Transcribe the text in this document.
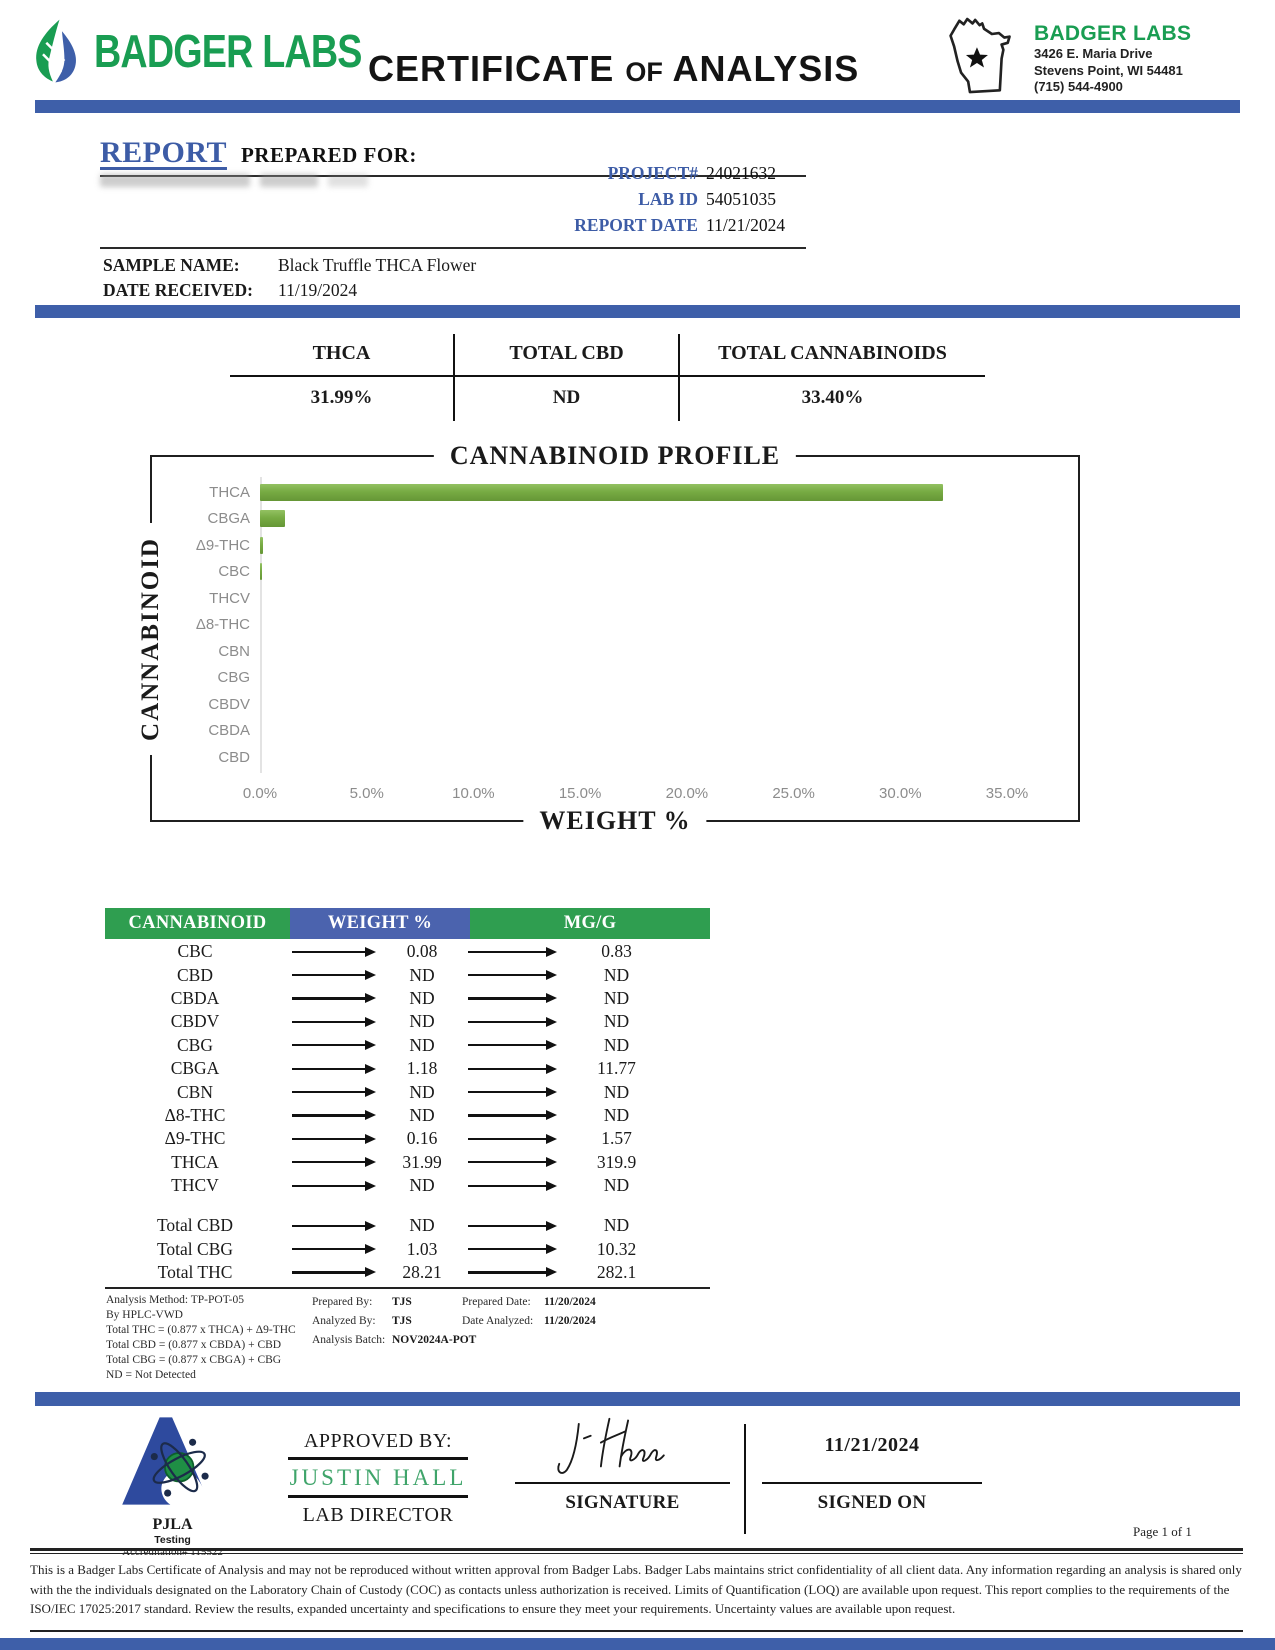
BADGER LABS CERTIFICATE OF ANALYSIS
BADGER LABS
3426 E. Maria Drive
Stevens Point, WI 54481
(715) 544-4900
REPORT PREPARED FOR:
PROJECT# 24021632
LAB ID 54051035
REPORT DATE 11/21/2024
SAMPLE NAME:	Black Truffle THCA Flower
DATE RECEIVED:	11/19/2024
THCA	TOTAL CBD	TOTAL CANNABINOIDS
31.99%	ND	33.40%
CANNABINOID PROFILE
CANNABINOID
WEIGHT %
THCA
CBGA
Δ9-THC
CBC
THCV
Δ8-THC
CBN
CBG
CBDV
CBDA
CBD
0.0%	5.0%	10.0%	15.0%	20.0%	25.0%	30.0%	35.0%
CANNABINOID	WEIGHT %	MG/G
CBC	0.08	0.83
CBD	ND	ND
CBDA	ND	ND
CBDV	ND	ND
CBG	ND	ND
CBGA	1.18	11.77
CBN	ND	ND
Δ8-THC	ND	ND
Δ9-THC	0.16	1.57
THCA	31.99	319.9
THCV	ND	ND
Total CBD	ND	ND
Total CBG	1.03	10.32
Total THC	28.21	282.1
Analysis Method: TP-POT-05
By HPLC-VWD
Total THC = (0.877 x THCA) + Δ9-THC
Total CBD = (0.877 x CBDA) + CBD
Total CBG = (0.877 x CBGA) + CBG
ND = Not Detected
Prepared By:	TJS	Prepared Date:	11/20/2024
Analyzed By:	TJS	Date Analyzed: 11/20/2024
Analysis Batch: NOV2024A-POT
PJLA
Testing
Accreditation# 115522
APPROVED BY:
JUSTIN HALL
LAB DIRECTOR
SIGNATURE
11/21/2024
SIGNED ON
Page 1 of 1
This is a Badger Labs Certificate of Analysis and may not be reproduced without written approval from Badger Labs. Badger Labs maintains strict confidentiality of all client data. Any information regarding an analysis is shared only with the the individuals designated on the Laboratory Chain of Custody (COC) as contacts unless authorization is received. Limits of Quantification (LOQ) are available upon request. This report complies to the requirements of the ISO/IEC 17025:2017 standard. Review the results, expanded uncertainty and specifications to ensure they meet your requirements. Uncertainty values are available upon request.
